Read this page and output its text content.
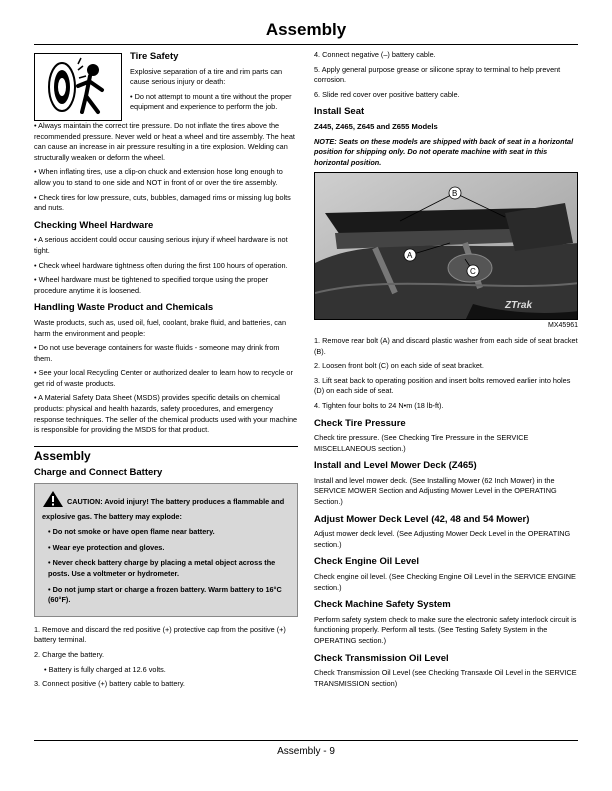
Assembly
Tire Safety

Explosive separation of a tire and rim parts can cause serious injury or death:

• Do not attempt to mount a tire without the proper equipment and experience to perform the job.

• Always maintain the correct tire pressure. Do not inflate the tires above the recommended pressure. Never weld or heat a wheel and tire assembly. The heat can cause an increase in air pressure resulting in a tire explosion. Welding can structurally weaken or deform the wheel.

• When inflating tires, use a clip-on chuck and extension hose long enough to allow you to stand to one side and NOT in front of or over the tire assembly.

• Check tires for low pressure, cuts, bubbles, damaged rims or missing lug bolts and nuts.

Checking Wheel Hardware

• A serious accident could occur causing serious injury if wheel hardware is not tight.

• Check wheel hardware tightness often during the first 100 hours of operation.

• Wheel hardware must be tightened to specified torque using the proper procedure anytime it is loosened.

Handling Waste Product and Chemicals

Waste products, such as, used oil, fuel, coolant, brake fluid, and batteries, can harm the environment and people:

• Do not use beverage containers for waste fluids - someone may drink from them.

• See your local Recycling Center or authorized dealer to learn how to recycle or get rid of waste products.

• A Material Safety Data Sheet (MSDS) provides specific details on chemical products: physical and health hazards, safety procedures, and emergency response techniques. The seller of the chemical products used with your machine is responsible for providing the MSDS for that product.

Assembly
Charge and Connect Battery

CAUTION: Avoid injury! The battery produces a flammable and explosive gas. The battery may explode:

• Do not smoke or have open flame near battery.

• Wear eye protection and gloves.

• Never check battery charge by placing a metal object across the posts. Use a voltmeter or hydrometer.

• Do not jump start or charge a frozen battery. Warm battery to 16°C (60°F).

1. Remove and discard the red positive (+) protective cap from the positive (+) battery terminal.

2. Charge the battery.

• Battery is fully charged at 12.6 volts.

3. Connect positive (+) battery cable to battery.

4. Connect negative (–) battery cable.

5. Apply general purpose grease or silicone spray to terminal to help prevent corrosion.

6. Slide red cover over positive battery cable.

Install Seat
Z445, Z465, Z645 and Z655 Models

NOTE: Seats on these models are shipped with back of seat in a horizontal position for shipping only. Do not operate machine with seat in this horizontal position.

ZTrak
B
A
C
MX45961

1. Remove rear bolt (A) and discard plastic washer from each side of seat bracket (B).

2. Loosen front bolt (C) on each side of seat bracket.

3. Lift seat back to operating position and insert bolts removed earlier into holes (D) on each side of seat.

4. Tighten four bolts to 24 N•m (18 lb-ft).

Check Tire Pressure

Check tire pressure. (See Checking Tire Pressure in the SERVICE MISCELLANEOUS section.)

Install and Level Mower Deck (Z465)

Install and level mower deck. (See Installing Mower (62 Inch Mower) in the SERVICE MOWER Section and Adjusting Mower Level in the OPERATING Section.)

Adjust Mower Deck Level (42, 48 and 54 Mower)

Adjust mower deck level. (See Adjusting Mower Deck Level in the OPERATING section.)

Check Engine Oil Level

Check engine oil level. (See Checking Engine Oil Level in the SERVICE ENGINE section.)

Check Machine Safety System

Perform safety system check to make sure the electronic safety interlock circuit is functioning properly. Perform all tests. (See Testing Safety System in the OPERATING section.)

Check Transmission Oil Level

Check Transmission Oil Level (see Checking Transaxle Oil Level in the SERVICE TRANSMISSION section)

Assembly - 9
